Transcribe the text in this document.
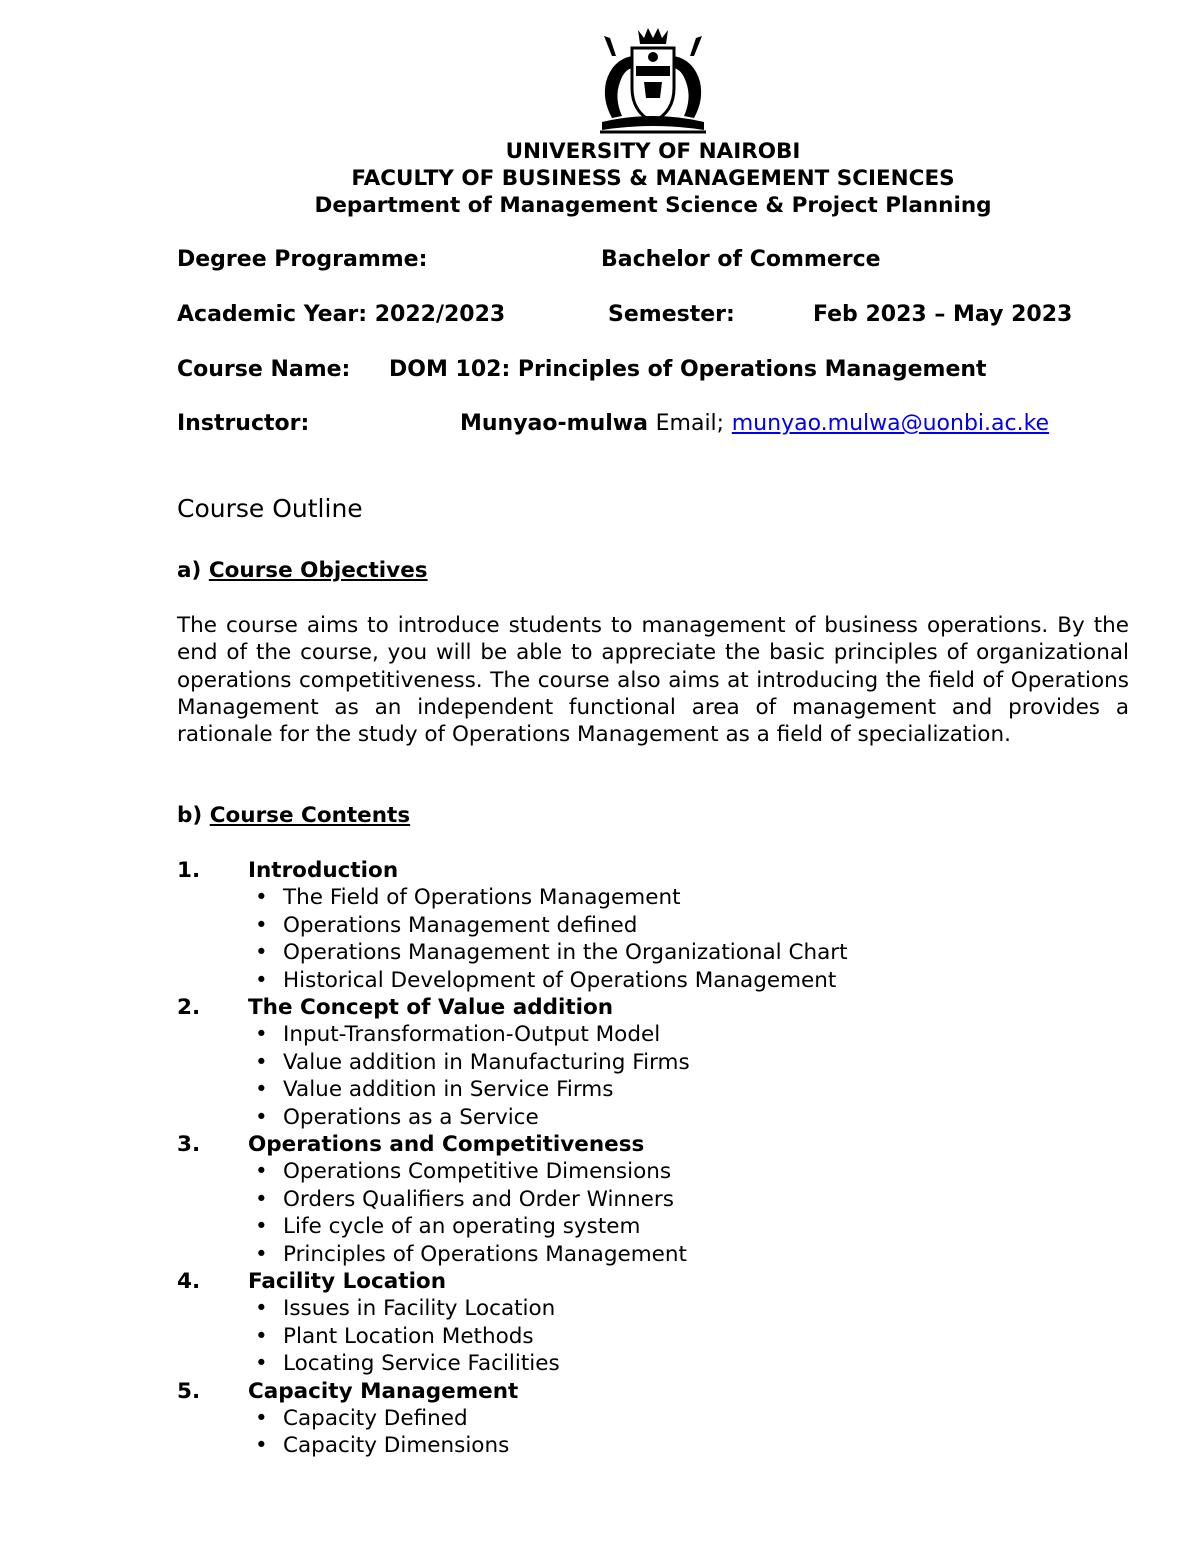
UNIVERSITY OF NAIROBI
FACULTY OF BUSINESS & MANAGEMENT SCIENCES
Department of Management Science & Project Planning
Degree Programme:	Bachelor of Commerce
Academic Year: 2022/2023	Semester:	Feb 2023 – May 2023
Course Name: DOM 102: Principles of Operations Management
Instructor:	Munyao-mulwa Email; munyao.mulwa@uonbi.ac.ke
Course Outline
a) Course Objectives
The course aims to introduce students to management of business operations. By the end of the course, you will be able to appreciate the basic principles of organizational operations competitiveness. The course also aims at introducing the field of Operations Management as an independent functional area of management and provides a rationale for the study of Operations Management as a field of specialization.
b) Course Contents
1. Introduction
• The Field of Operations Management
• Operations Management defined
• Operations Management in the Organizational Chart
• Historical Development of Operations Management
2. The Concept of Value addition
• Input-Transformation-Output Model
• Value addition in Manufacturing Firms
• Value addition in Service Firms
• Operations as a Service
3. Operations and Competitiveness
• Operations Competitive Dimensions
• Orders Qualifiers and Order Winners
• Life cycle of an operating system
• Principles of Operations Management
4. Facility Location
• Issues in Facility Location
• Plant Location Methods
• Locating Service Facilities
5. Capacity Management
• Capacity Defined
• Capacity Dimensions
